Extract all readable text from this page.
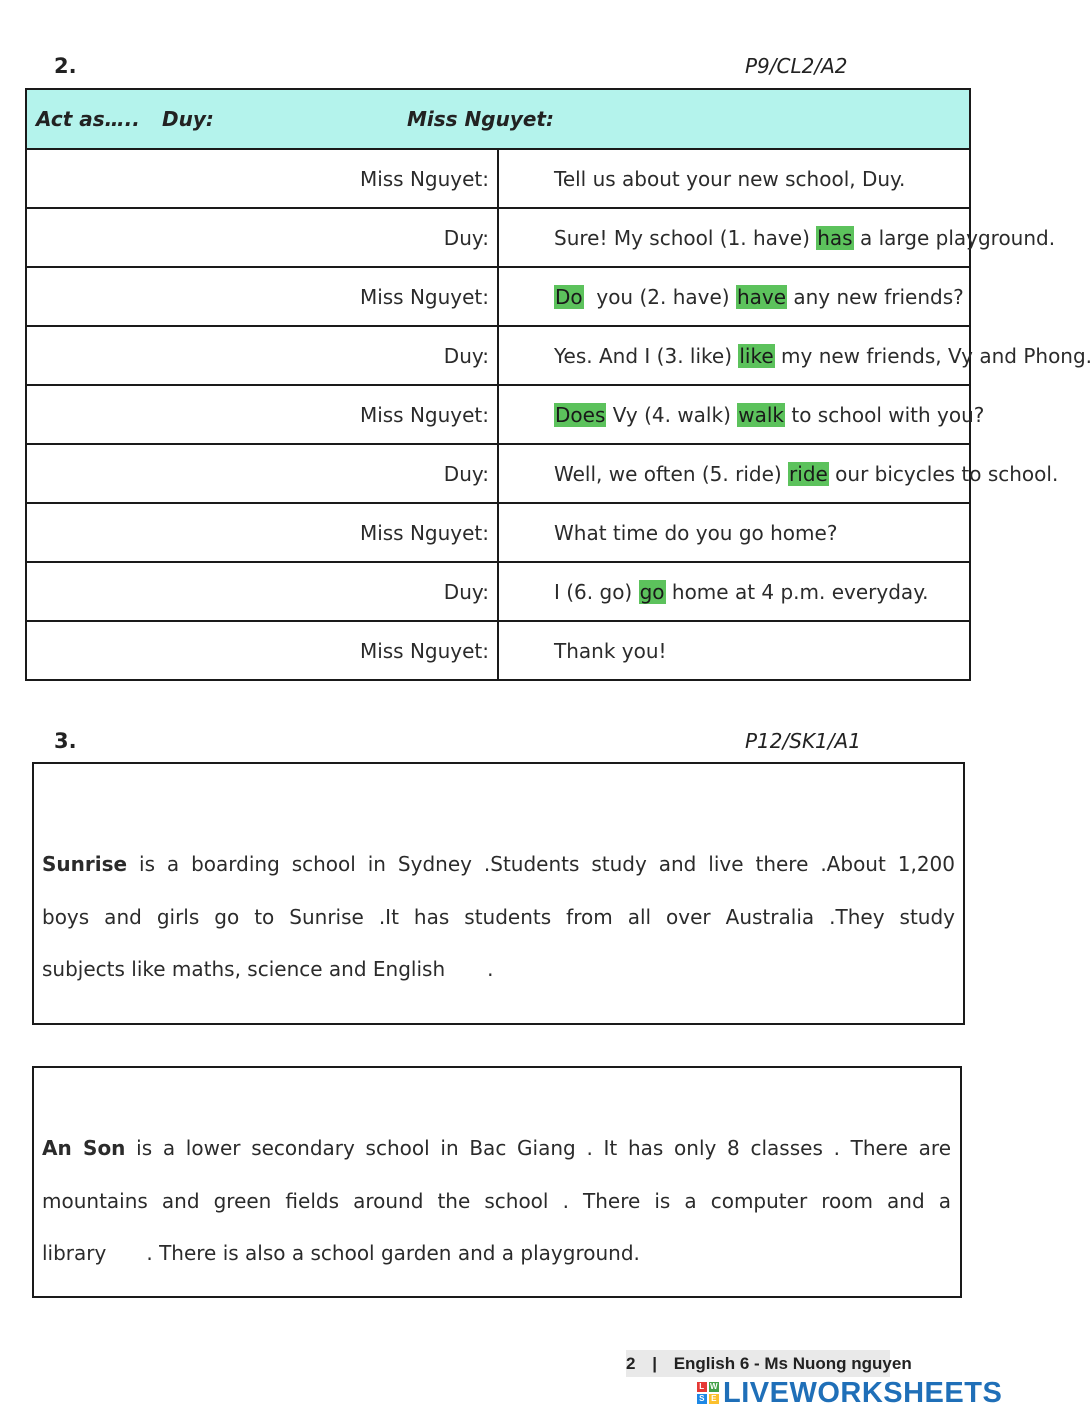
2.	P9/CL2/A2
Act as….. Duy: Miss Nguyet:	

Miss Nguyet:	Tell us about your new school, Duy.
Duy:	Sure! My school (1. have) has a large playground.
Miss Nguyet:	Do  you (2. have) have any new friends?
Duy:	Yes. And I (3. like) like my new friends, Vy and Phong.
Miss Nguyet:	Does Vy (4. walk) walk to school with you?
Duy:	Well, we often (5. ride) ride our bicycles to school.
Miss Nguyet:	What time do you go home?
Duy:	I (6. go) go home at 4 p.m. everyday.
Miss Nguyet:	Thank you!
3.	P12/SK1/A1
Sunrise is a boarding school in Sydney .Students study and live there .About 1,200
boys and girls go to Sunrise .It has students from all over Australia .They study
subjects like maths, science and English .
An Son is a lower secondary school in Bac Giang . It has only 8 classes . There are
mountains and green fields around the school . There is a computer room and a
library . There is also a school garden and a playground.
2 | English 6 - Ms Nuong nguyen
L W
S E LIVEWORKSHEETS
